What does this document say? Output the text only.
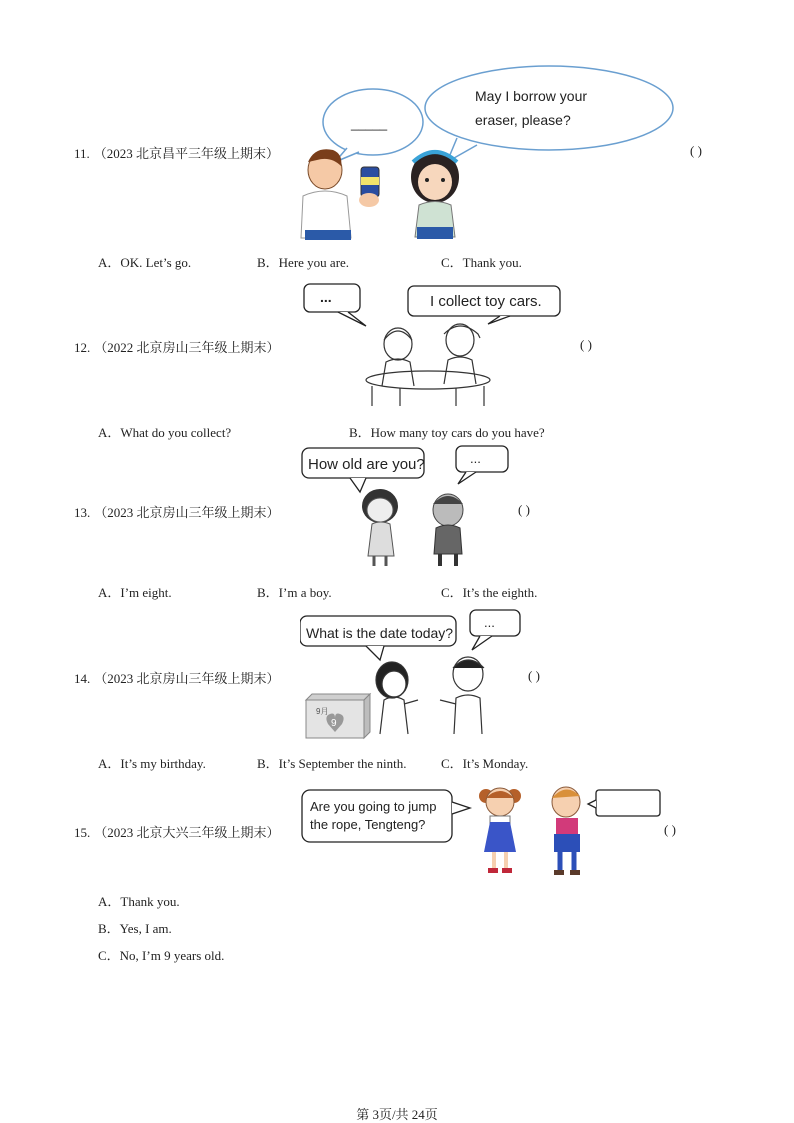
11. （2023 北京昌平三年级上期末）	( )
_____
May I borrow your
eraser, please?
A．OK. Let’s go.	B．Here you are.	C．Thank you.
12. （2022 北京房山三年级上期末）	( )
...	I collect toy cars.
A．What do you collect?	B．How many toy cars do you have?
13. （2023 北京房山三年级上期末）	( )
How old are you?	...
A．I’m eight.	B．I’m a boy.	C．It’s the eighth.
14. （2023 北京房山三年级上期末）	( )
What is the date today?
...
9月
9
A．It’s my birthday.	B．It’s September the ninth.	C．It’s Monday.
15. （2023 北京大兴三年级上期末）	( )
Are you going to jump
the rope, Tengteng?
A．Thank you.
B．Yes, I am.
C．No, I’m 9 years old.
第 3页/共 24页
